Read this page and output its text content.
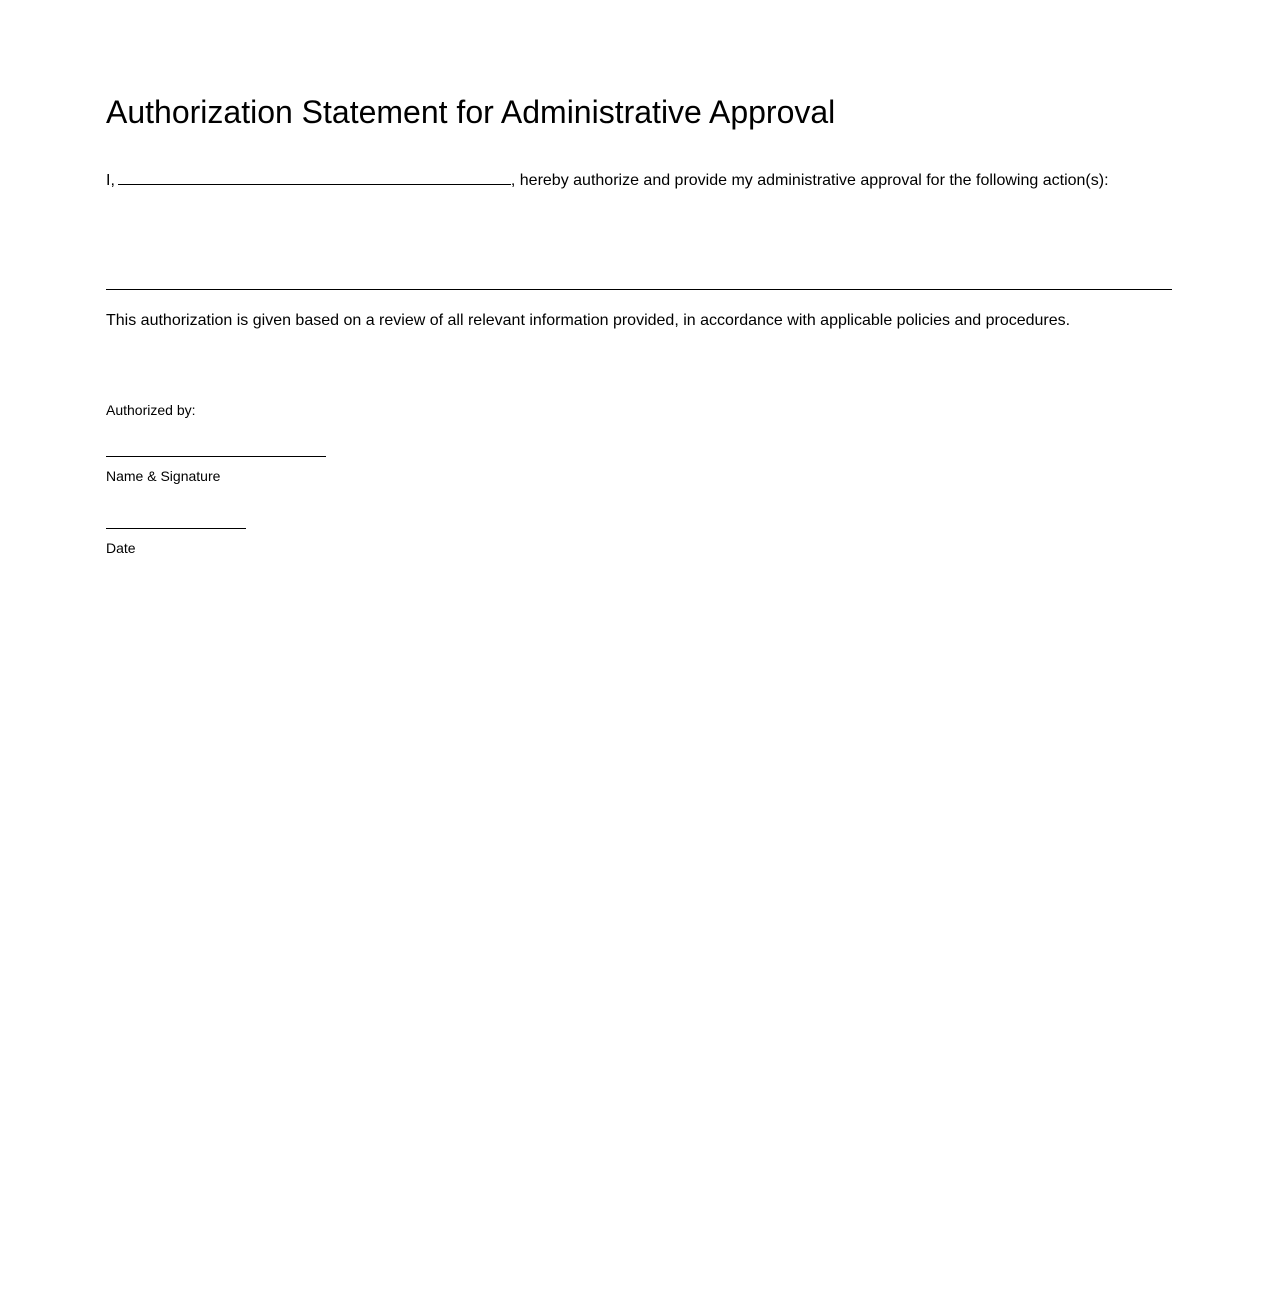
Authorization Statement for Administrative Approval
I,	, hereby authorize and provide my administrative approval for the following action(s):
This authorization is given based on a review of all relevant information provided, in accordance with applicable policies and procedures.
Authorized by:
Name & Signature
Date
